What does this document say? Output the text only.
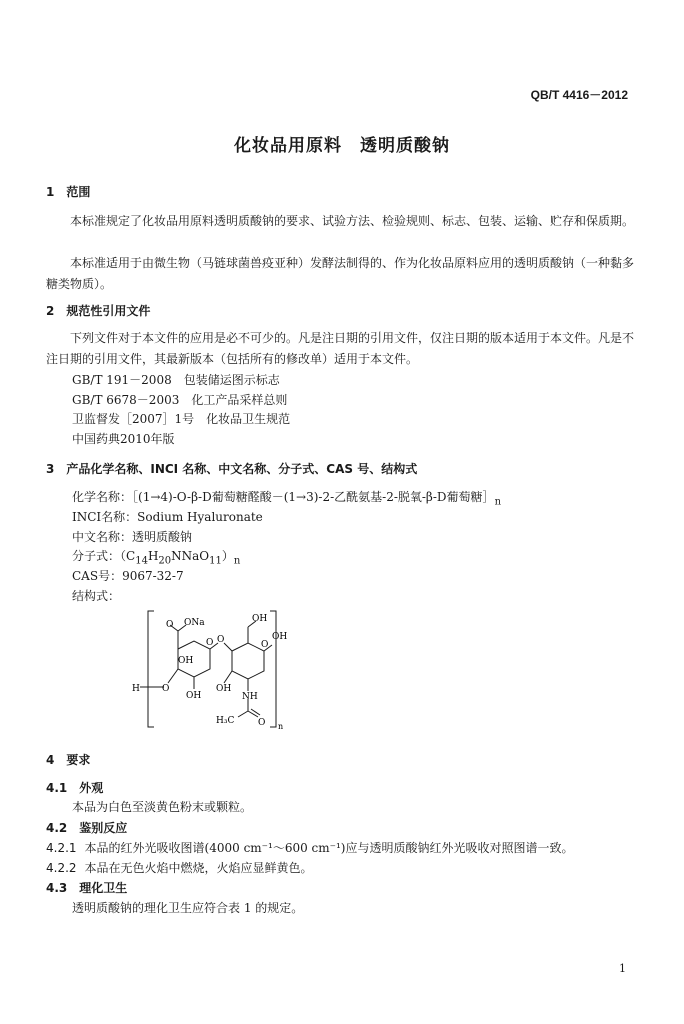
QB/T 4416－2012
化妆品用原料　透明质酸钠
1　范围
本标准规定了化妆品用原料透明质酸钠的要求、试验方法、检验规则、标志、包装、运输、贮存和保质期。
本标准适用于由微生物（马链球菌兽疫亚种）发酵法制得的、作为化妆品原料应用的透明质酸钠（一种黏多糖类物质）。
2　规范性引用文件
下列文件对于本文件的应用是必不可少的。凡是注日期的引用文件，仅注日期的版本适用于本文件。凡是不注日期的引用文件，其最新版本（包括所有的修改单）适用于本文件。
GB/T 191－2008　包装储运图示标志
GB/T 6678－2003　化工产品采样总则
卫监督发［2007］1号　化妆品卫生规范
中国药典2010年版
3　产品化学名称、INCI 名称、中文名称、分子式、CAS 号、结构式
化学名称：［(1→4)-O-β-D葡萄糖醛酸－(1→3)-2-乙酰氨基-2-脱氧-β-D葡萄糖$]_n$
INCI名称：Sodium Hyaluronate
中文名称：透明质酸钠
分子式：$(C_{14}H_{20}NNaO_{11})_n$
CAS号：9067-32-7
结构式：
O ONa	OH
OH
O O	O
OH
H O
OH
OH
NH
H₃C	O n
4　要求
4.1　外观
本品为白色至淡黄色粉末或颗粒。
4.2　鉴别反应
4.2.1 本品的红外光吸收图谱(4000 cm⁻¹～600 cm⁻¹)应与透明质酸钠红外光吸收对照图谱一致。
4.2.2 本品在无色火焰中燃烧，火焰应显鲜黄色。
4.3　理化卫生
透明质酸钠的理化卫生应符合表 1 的规定。
1
